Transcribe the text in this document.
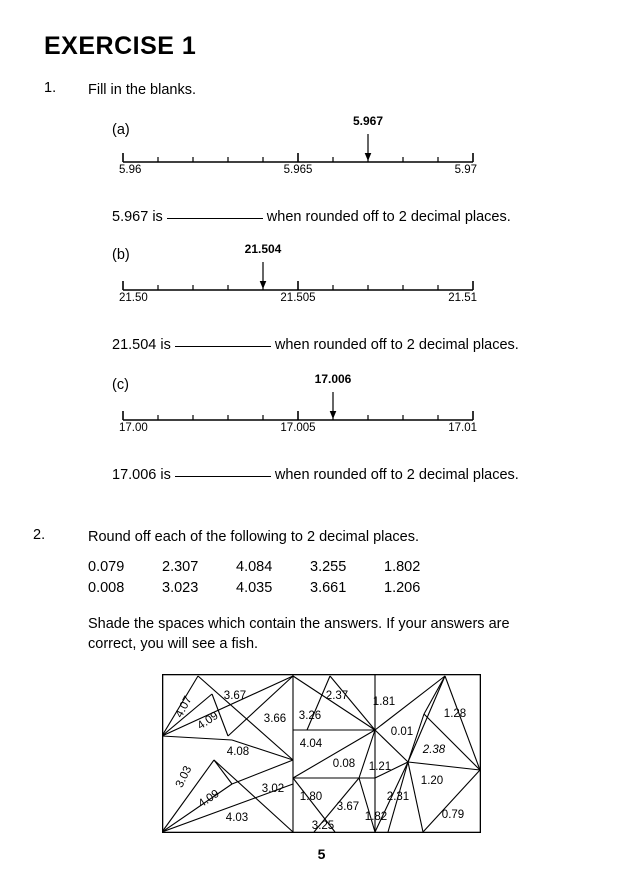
EXERCISE 1
1. Fill in the blanks.
(a)
5.967
5.96	5.965	5.97
5.967 is	when rounded off to 2 decimal places.
(b)	21.504
21.50	21.505	21.51
21.504 is	when rounded off to 2 decimal places.
(c)	17.006
17.00	17.005	17.01
17.006 is	when rounded off to 2 decimal places.
2.	Round off each of the following to 2 decimal places.
0.079	2.307	4.084	3.255	1.802
0.008	3.023	4.035	3.661	1.206
Shade the spaces which contain the answers. If your answers are
correct, you will see a fish.
4.07	3.67
4.09	3.66
4.08
3.03
4.09	3.02
4.03
2.37
3.26
4.04
0.08
1.80
3.67
3.25
1.81
1.28
0.01
2.38
1.21
1.20
2.31
1.82	0.79
5
